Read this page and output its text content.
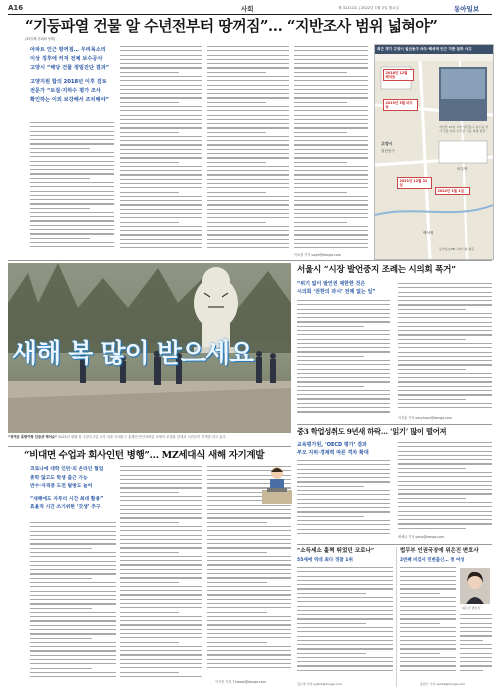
A16	사회	제 31213호 | 2022년 1월 3일 월요일	동아일보
“기둥파열 건물 알 수년전부터 땅꺼짐”… “지반조사 범위 넓혀야”
(25일째 휴폐쇄 당해)
아파트 인근 땅꺼짐… 우려목소리
이상 징후에 커져 전체 보수공사
고양시 “해당 건물 정밀진단 결과”
고양지원 합의 2018년 이후 검토
전문가 “토질·지하수 평가 조사
확인하는 이외 보강해서 조치해야”
이소정 기자 sojee@donga.com
최근 경기 고양시 일산동구 마두·백석역 인근 지반 침하 사고
2018년 12월 백석동
2019년 3월 마두동
2021년 12월 31일
2022년 1월 1일
고양시
일산동구
백석역
마두역
지난달 31일 고양 일산동구 마두동 상가 건물 지하 주차장 기둥 파열 현장
동아일보DB 고양시청 제공
새해 복 많이 받으세요
“귀여운 호랑이랑 인증샷 찍어요” 2022년 새해 첫 주말인 2일 오후 서울 서대문구 홍제천 안산자락길 호랑이 조형물 앞에서 시민들이 산책을 하고 있다.
서울시 “시장 발언중지 조례는 시의회 폭거”
“위기 없이 발언권 제한한 것은
시의회 ‘권한의 과시’ 전례 없는 일”
이지훈 기자 easyhoon@donga.com
중3 학업성취도 9년새 하락… ‘읽기’ 많이 떨어져
교육평가원, ‘OECD 평가’ 결과
부모 지위·경제력 따른 격차 확대
최예나 기자 yena@donga.com
“비대면 수업과 회사인턴 병행”… MZ세대식 새해 자기계발
코로나에 대학 인턴·외 온라인 협업
휴학 않고도 학생 출근 가능
반수·자격증 도전 탐방도 늘어
“새해에도 자투리 시간 최대 활용”
효율적 시간 쓰기위한 ‘갓생’ 추구
이기욱 기자 71wook@donga.com
“소득세소 훌쩍 뛰었던 코로나”
55세에 역대 최다 경찰 1위
김소영 기자 sykim@donga.com
법무부 인권국장에 위은진 변호사
2번째 비검사 민변출신… 첫 여성
위은진 변호사
송원근 기자 series@donga.com
